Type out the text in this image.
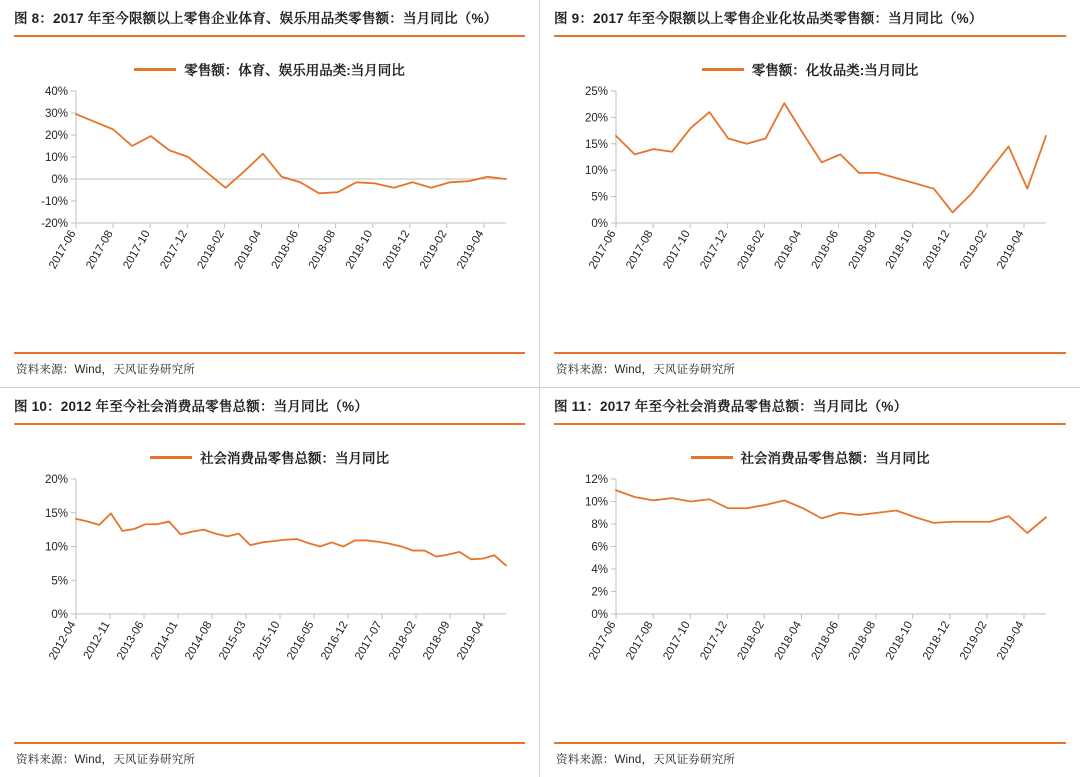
图 8：2017 年至今限额以上零售企业体育、娱乐用品类零售额：当月同比（%）
零售额：体育、娱乐用品类:当月同比
-20%
-10%
0%
10%
20%
30%
40%
2017-06 2017-08 2017-10 2017-12 2018-02 2018-04 2018-06 2018-08 2018-10 2018-12 2019-02 2019-04
资料来源：Wind，天风证券研究所
图 9：2017 年至今限额以上零售企业化妆品类零售额：当月同比（%）
零售额：化妆品类:当月同比
0%
5%
10%
15%
20%
25%
2017-06 2017-08 2017-10 2017-12 2018-02 2018-04 2018-06 2018-08 2018-10 2018-12 2019-02 2019-04
资料来源：Wind，天风证券研究所
图 10：2012 年至今社会消费品零售总额：当月同比（%）
社会消费品零售总额：当月同比
0%
5%
10%
15%
20%
2012-04 2012-11 2013-06 2014-01 2014-08 2015-03 2015-10 2016-05 2016-12 2017-07 2018-02 2018-09 2019-04
资料来源：Wind，天风证券研究所
图 11：2017 年至今社会消费品零售总额：当月同比（%）
社会消费品零售总额：当月同比
0%
2%
4%
6%
8%
10%
12%
2017-06 2017-08 2017-10 2017-12 2018-02 2018-04 2018-06 2018-08 2018-10 2018-12 2019-02 2019-04
资料来源：Wind，天风证券研究所
